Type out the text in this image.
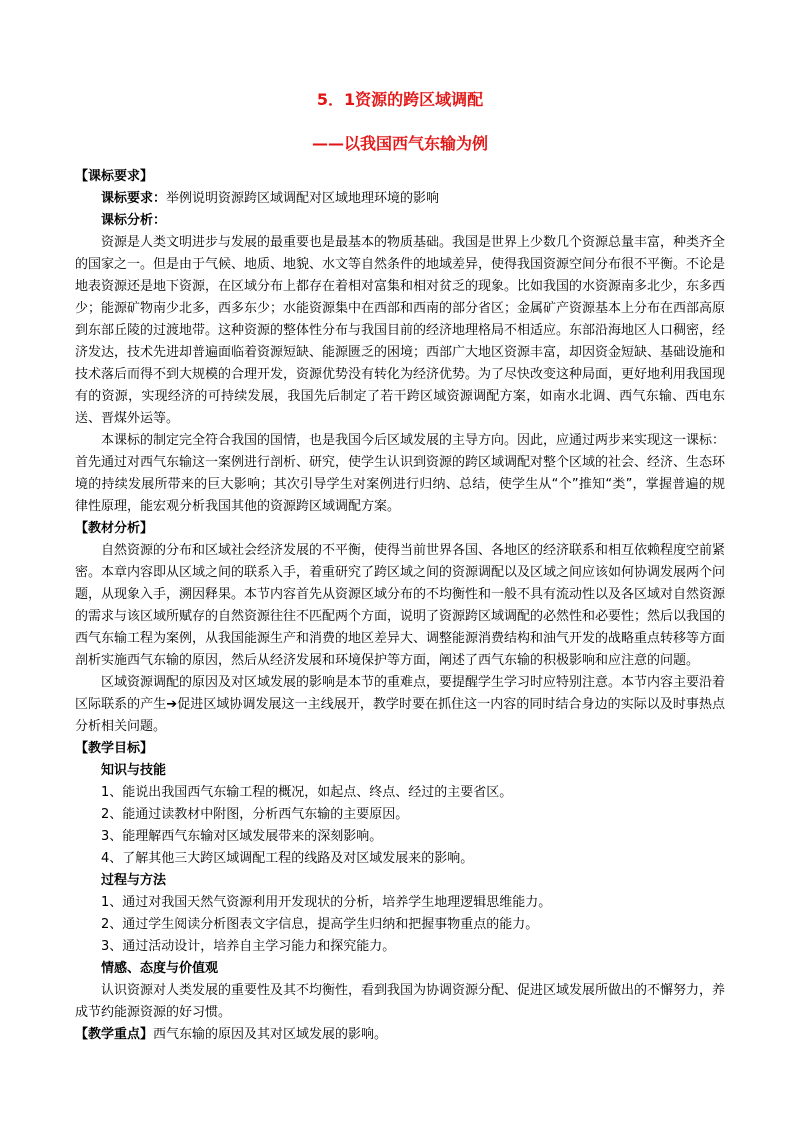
5．1资源的跨区域调配

——以我国西气东输为例

【课标要求】

课标要求：举例说明资源跨区域调配对区域地理环境的影响

课标分析：

资源是人类文明进步与发展的最重要也是最基本的物质基础。我国是世界上少数几个资源总量丰富，种类齐全的国家之一。但是由于气候、地质、地貌、水文等自然条件的地域差异，使得我国资源空间分布很不平衡。不论是地表资源还是地下资源，在区域分布上都存在着相对富集和相对贫乏的现象。比如我国的水资源南多北少，东多西少；能源矿物南少北多，西多东少；水能资源集中在西部和西南的部分省区；金属矿产资源基本上分布在西部高原到东部丘陵的过渡地带。这种资源的整体性分布与我国目前的经济地理格局不相适应。东部沿海地区人口稠密，经济发达，技术先进却普遍面临着资源短缺、能源匮乏的困境；西部广大地区资源丰富，却因资金短缺、基础设施和技术落后而得不到大规模的合理开发，资源优势没有转化为经济优势。为了尽快改变这种局面，更好地利用我国现有的资源，实现经济的可持续发展，我国先后制定了若干跨区域资源调配方案，如南水北调、西气东输、西电东送、晋煤外运等。

本课标的制定完全符合我国的国情，也是我国今后区域发展的主导方向。因此，应通过两步来实现这一课标：首先通过对西气东输这一案例进行剖析、研究，使学生认识到资源的跨区域调配对整个区域的社会、经济、生态环境的持续发展所带来的巨大影响；其次引导学生对案例进行归纳、总结，使学生从“个”推知“类”，掌握普遍的规律性原理，能宏观分析我国其他的资源跨区域调配方案。

【教材分析】

自然资源的分布和区域社会经济发展的不平衡，使得当前世界各国、各地区的经济联系和相互依赖程度空前紧密。本章内容即从区域之间的联系入手，着重研究了跨区域之间的资源调配以及区域之间应该如何协调发展两个问题，从现象入手，溯因释果。本节内容首先从资源区域分布的不均衡性和一般不具有流动性以及各区域对自然资源的需求与该区域所赋存的自然资源往往不匹配两个方面，说明了资源跨区域调配的必然性和必要性；然后以我国的西气东输工程为案例，从我国能源生产和消费的地区差异大、调整能源消费结构和油气开发的战略重点转移等方面剖析实施西气东输的原因，然后从经济发展和环境保护等方面，阐述了西气东输的积极影响和应注意的问题。

区域资源调配的原因及对区域发展的影响是本节的重难点，要提醒学生学习时应特别注意。本节内容主要沿着区际联系的产生➔促进区域协调发展这一主线展开，教学时要在抓住这一内容的同时结合身边的实际以及时事热点分析相关问题。

【教学目标】

知识与技能

1、能说出我国西气东输工程的概况，如起点、终点、经过的主要省区。

2、能通过读教材中附图，分析西气东输的主要原因。

3、能理解西气东输对区域发展带来的深刻影响。

4、了解其他三大跨区域调配工程的线路及对区域发展来的影响。

过程与方法

1、通过对我国天然气资源利用开发现状的分析，培养学生地理逻辑思维能力。

2、通过学生阅读分析图表文字信息，提高学生归纳和把握事物重点的能力。

3、通过活动设计，培养自主学习能力和探究能力。

情感、态度与价值观

认识资源对人类发展的重要性及其不均衡性，看到我国为协调资源分配、促进区域发展所做出的不懈努力，养成节约能源资源的好习惯。

【教学重点】西气东输的原因及其对区域发展的影响。
